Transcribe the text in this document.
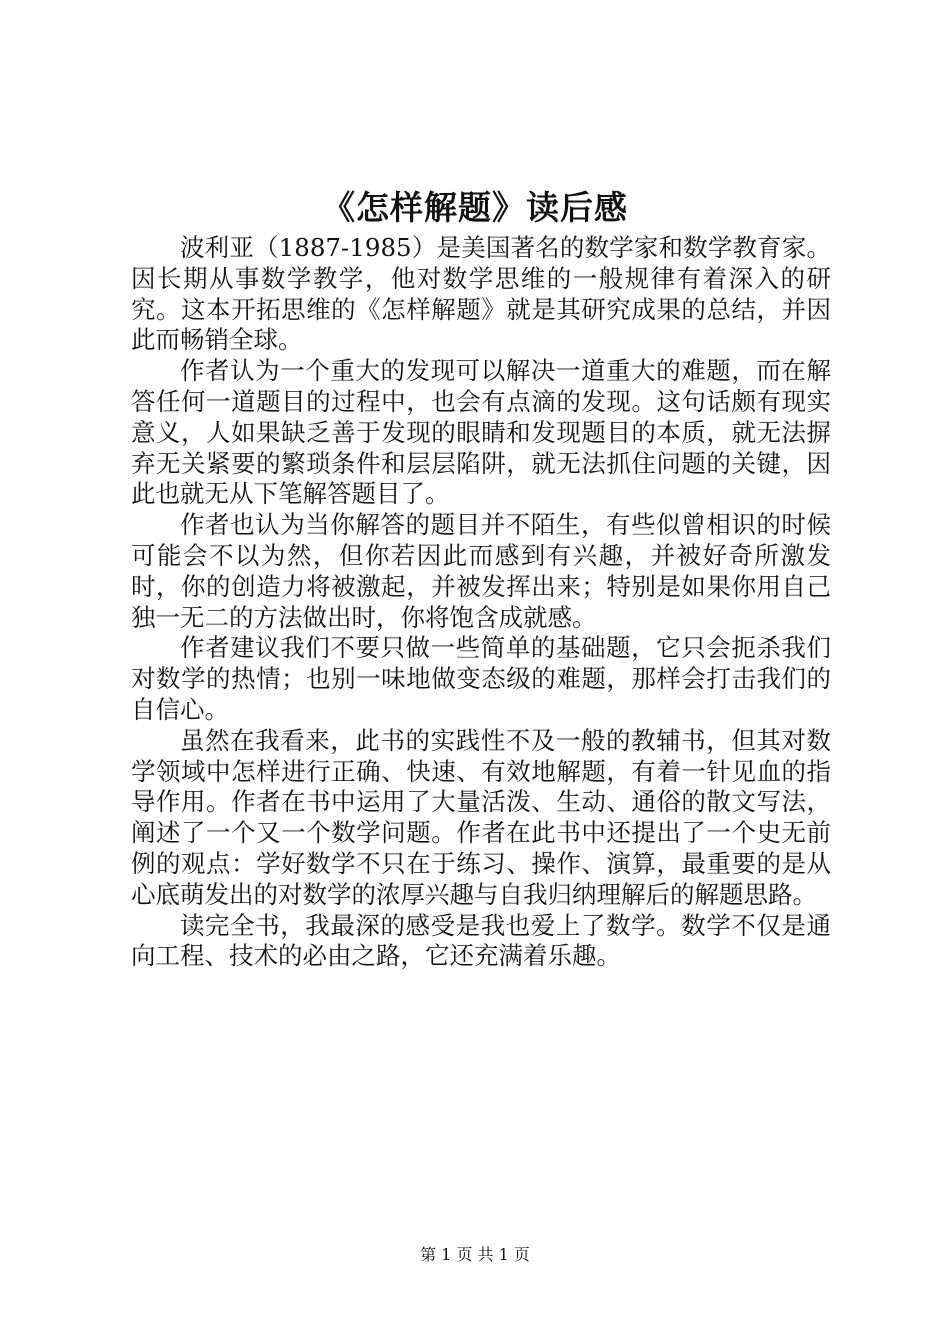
《怎样解题》读后感

波利亚（1887-1985）是美国著名的数学家和数学教育家。因长期从事数学教学，他对数学思维的一般规律有着深入的研究。这本开拓思维的《怎样解题》就是其研究成果的总结，并因此而畅销全球。

作者认为一个重大的发现可以解决一道重大的难题，而在解答任何一道题目的过程中，也会有点滴的发现。这句话颇有现实意义，人如果缺乏善于发现的眼睛和发现题目的本质，就无法摒弃无关紧要的繁琐条件和层层陷阱，就无法抓住问题的关键，因此也就无从下笔解答题目了。

作者也认为当你解答的题目并不陌生，有些似曾相识的时候可能会不以为然，但你若因此而感到有兴趣，并被好奇所激发时，你的创造力将被激起，并被发挥出来；特别是如果你用自己独一无二的方法做出时，你将饱含成就感。

作者建议我们不要只做一些简单的基础题，它只会扼杀我们对数学的热情；也别一味地做变态级的难题，那样会打击我们的自信心。

虽然在我看来，此书的实践性不及一般的教辅书，但其对数学领域中怎样进行正确、快速、有效地解题，有着一针见血的指导作用。作者在书中运用了大量活泼、生动、通俗的散文写法，阐述了一个又一个数学问题。作者在此书中还提出了一个史无前例的观点：学好数学不只在于练习、操作、演算，最重要的是从心底萌发出的对数学的浓厚兴趣与自我归纳理解后的解题思路。

读完全书，我最深的感受是我也爱上了数学。数学不仅是通向工程、技术的必由之路，它还充满着乐趣。

第 1 页 共 1 页
